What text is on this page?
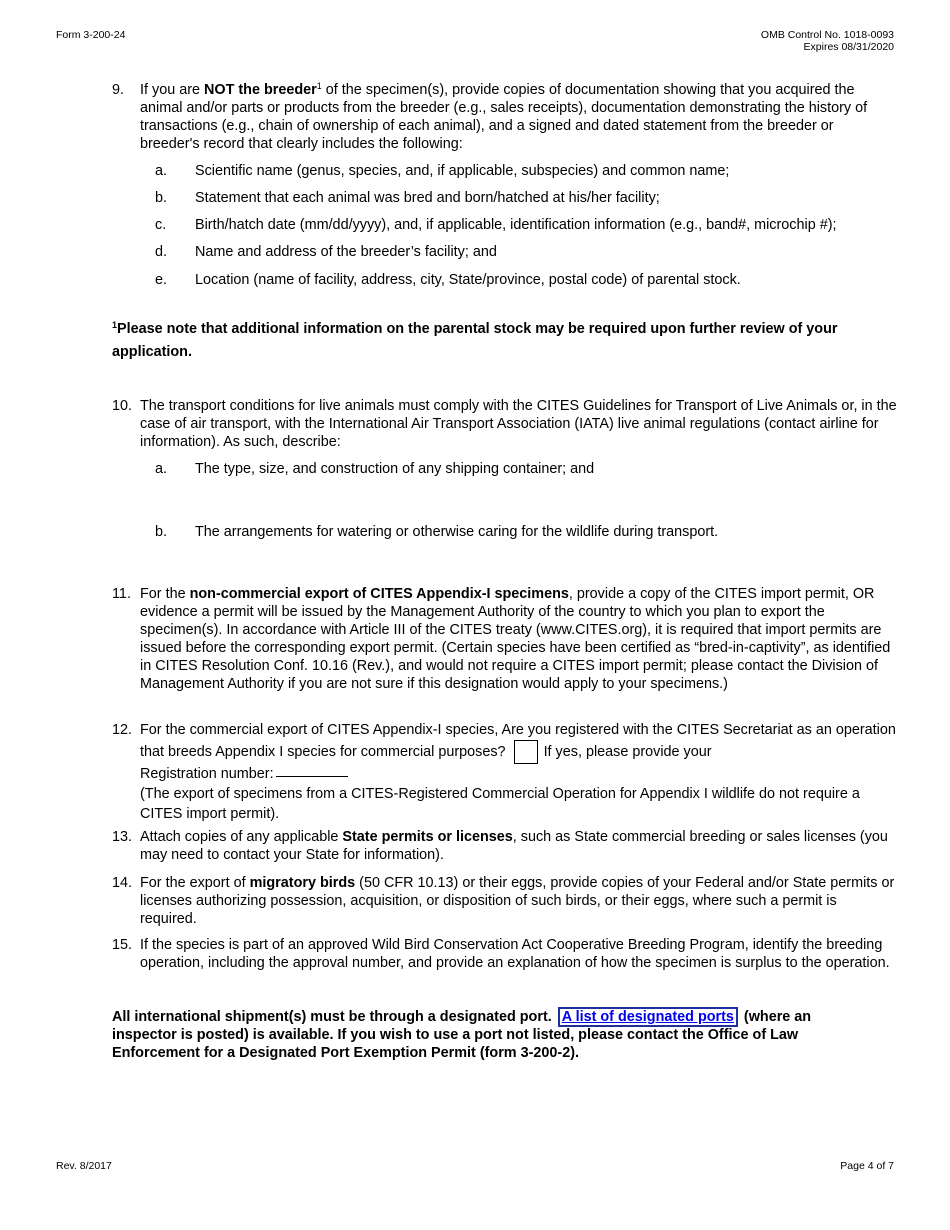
Form 3-200-24	OMB Control No. 1018-0093
Expires 08/31/2020
9. If you are NOT the breeder$^1$ of the specimen(s), provide copies of documentation showing that you acquired the animal and/or parts or products from the breeder (e.g., sales receipts), documentation demonstrating the history of transactions (e.g., chain of ownership of each animal), and a signed and dated statement from the breeder or breeder's record that clearly includes the following:
a. Scientific name (genus, species, and, if applicable, subspecies) and common name;
b. Statement that each animal was bred and born/hatched at his/her facility;
c. Birth/hatch date (mm/dd/yyyy), and, if applicable, identification information (e.g., band#, microchip #);
d. Name and address of the breeder’s facility; and
e. Location (name of facility, address, city, State/province, postal code) of parental stock.
$^1$Please note that additional information on the parental stock may be required upon further review of your application.
10. The transport conditions for live animals must comply with the CITES Guidelines for Transport of Live Animals or, in the case of air transport, with the International Air Transport Association (IATA) live animal regulations (contact airline for information). As such, describe:
a. The type, size, and construction of any shipping container; and
b. The arrangements for watering or otherwise caring for the wildlife during transport.
11. For the non-commercial export of CITES Appendix-I specimens, provide a copy of the CITES import permit, OR evidence a permit will be issued by the Management Authority of the country to which you plan to export the specimen(s). In accordance with Article III of the CITES treaty (www.CITES.org), it is required that import permits are issued before the corresponding export permit. (Certain species have been certified as “bred-in-captivity”, as identified in CITES Resolution Conf. 10.16 (Rev.), and would not require a CITES import permit; please contact the Division of Management Authority if you are not sure if this designation would apply to your specimens.)
12. For the commercial export of CITES Appendix-I species, Are you registered with the CITES Secretariat as an operation that breeds Appendix I species for commercial purposes?	If yes, please provide your
Registration number:
(The export of specimens from a CITES-Registered Commercial Operation for Appendix I wildlife do not require a CITES import permit).
13. Attach copies of any applicable State permits or licenses, such as State commercial breeding or sales licenses (you may need to contact your State for information).
14. For the export of migratory birds (50 CFR 10.13) or their eggs, provide copies of your Federal and/or State permits or licenses authorizing possession, acquisition, or disposition of such birds, or their eggs, where such a permit is required.
15. If the species is part of an approved Wild Bird Conservation Act Cooperative Breeding Program, identify the breeding operation, including the approval number, and provide an explanation of how the specimen is surplus to the operation.
All international shipment(s) must be through a designated port. A list of designated ports (where an inspector is posted) is available. If you wish to use a port not listed, please contact the Office of Law Enforcement for a Designated Port Exemption Permit (form 3-200-2).
Rev. 8/2017	Page 4 of 7
